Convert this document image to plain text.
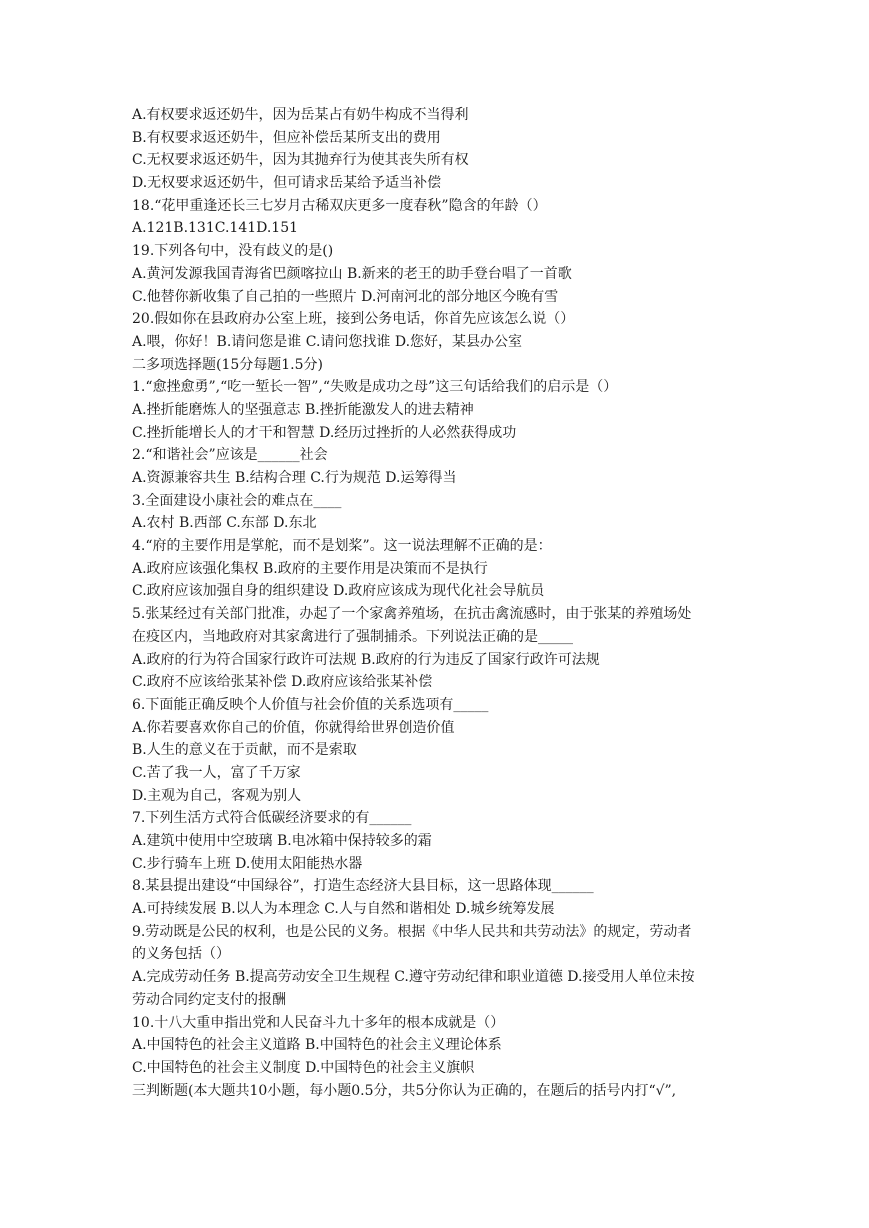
A.有权要求返还奶牛，因为岳某占有奶牛构成不当得利
B.有权要求返还奶牛，但应补偿岳某所支出的费用
C.无权要求返还奶牛，因为其抛弃行为使其丧失所有权
D.无权要求返还奶牛，但可请求岳某给予适当补偿
18.“花甲重逢还长三七岁月古稀双庆更多一度春秋”隐含的年龄（）
A.121B.131C.141D.151
19.下列各句中，没有歧义的是()
A.黄河发源我国青海省巴颜喀拉山 B.新来的老王的助手登台唱了一首歌
C.他替你新收集了自己拍的一些照片 D.河南河北的部分地区今晚有雪
20.假如你在县政府办公室上班，接到公务电话，你首先应该怎么说（）
A.喂，你好！B.请问您是谁 C.请问您找谁 D.您好，某县办公室
二多项选择题(15分每题1.5分)
1.“愈挫愈勇”,“吃一堑长一智”,“失败是成功之母”这三句话给我们的启示是（）
A.挫折能磨炼人的坚强意志 B.挫折能激发人的进去精神
C.挫折能增长人的才干和智慧 D.经历过挫折的人必然获得成功
2.“和谐社会”应该是______社会
A.资源兼容共生 B.结构合理 C.行为规范 D.运筹得当
3.全面建设小康社会的难点在____
A.农村 B.西部 C.东部 D.东北
4.“府的主要作用是掌舵，而不是划桨”。这一说法理解不正确的是：
A.政府应该强化集权 B.政府的主要作用是决策而不是执行
C.政府应该加强自身的组织建设 D.政府应该成为现代化社会导航员
5.张某经过有关部门批准，办起了一个家禽养殖场，在抗击禽流感时，由于张某的养殖场处
在疫区内，当地政府对其家禽进行了强制捕杀。下列说法正确的是_____
A.政府的行为符合国家行政许可法规 B.政府的行为违反了国家行政许可法规
C.政府不应该给张某补偿 D.政府应该给张某补偿
6.下面能正确反映个人价值与社会价值的关系选项有_____
A.你若要喜欢你自己的价值，你就得给世界创造价值
B.人生的意义在于贡献，而不是索取
C.苦了我一人，富了千万家
D.主观为自己，客观为别人
7.下列生活方式符合低碳经济要求的有______
A.建筑中使用中空玻璃 B.电冰箱中保持较多的霜
C.步行骑车上班 D.使用太阳能热水器
8.某县提出建设“中国绿谷”，打造生态经济大县目标，这一思路体现______
A.可持续发展 B.以人为本理念 C.人与自然和谐相处 D.城乡统筹发展
9.劳动既是公民的权利，也是公民的义务。根据《中华人民共和共劳动法》的规定，劳动者
的义务包括（）
A.完成劳动任务 B.提高劳动安全卫生规程 C.遵守劳动纪律和职业道德 D.接受用人单位未按
劳动合同约定支付的报酬
10.十八大重申指出党和人民奋斗九十多年的根本成就是（）
A.中国特色的社会主义道路 B.中国特色的社会主义理论体系
C.中国特色的社会主义制度 D.中国特色的社会主义旗帜
三判断题(本大题共10小题，每小题0.5分，共5分你认为正确的，在题后的括号内打“√”,
